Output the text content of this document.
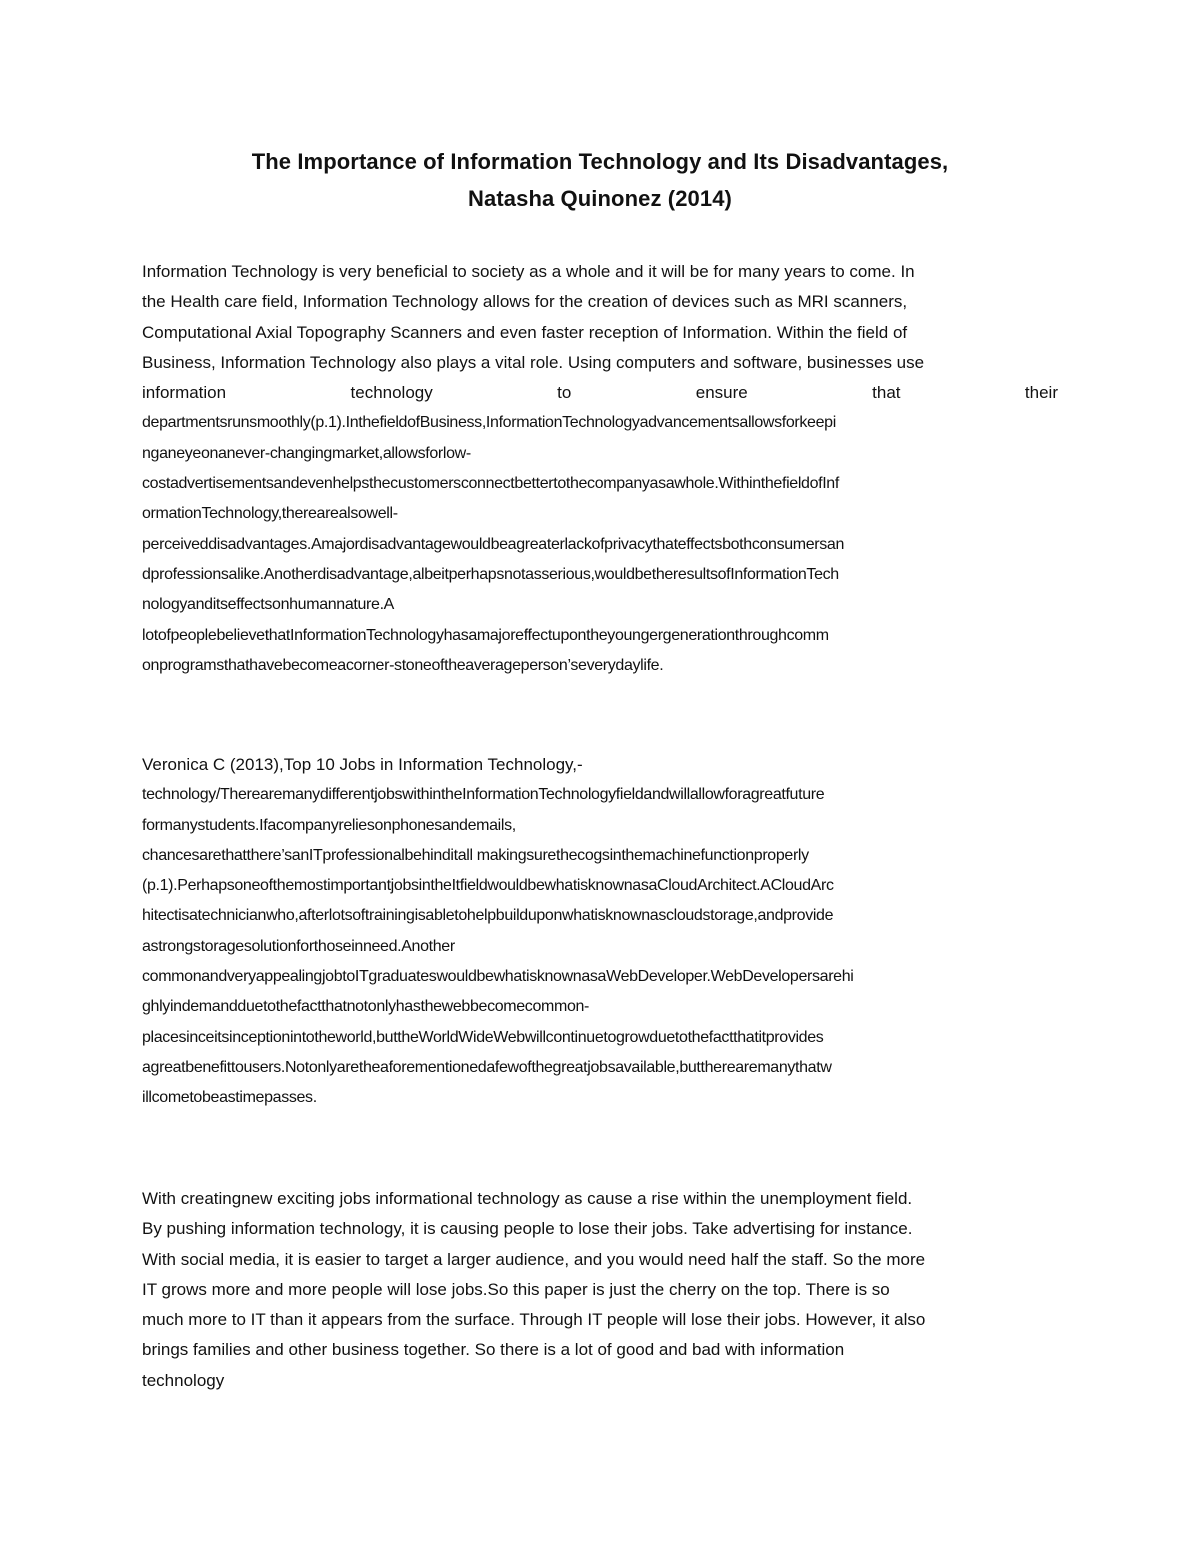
The Importance of Information Technology and Its Disadvantages,
Natasha Quinonez (2014)
Information Technology is very beneficial to society as a whole and it will be for many years to come. In
the Health care field, Information Technology allows for the creation of devices such as MRI scanners,
Computational Axial Topography Scanners and even faster reception of Information. Within the field of
Business, Information Technology also plays a vital role. Using computers and software, businesses use
information	technology	to	ensure	that	their
departmentsrunsmoothly(p.1).InthefieldofBusiness,InformationTechnologyadvancementsallowsforkeepi
nganeyeonanever-changingmarket,allowsforlow-
costadvertisementsandevenhelpsthecustomersconnectbettertothecompanyasawhole.WithinthefieldofInf
ormationTechnology,therearealsowell-
perceiveddisadvantages.Amajordisadvantagewouldbeagreaterlackofprivacythateffectsbothconsumersan
dprofessionsalike.Anotherdisadvantage,albeitperhapsnotasserious,wouldbetheresultsofInformationTech
nologyanditseffectsonhumannature.A
lotofpeoplebelievethatInformationTechnologyhasamajoreffectupontheyoungergenerationthroughcomm
onprogramsthathavebecomeacorner-stoneoftheaverageperson’severydaylife.
Veronica C (2013),Top 10 Jobs in Information Technology,-
technology/TherearemanydifferentjobswithintheInformationTechnologyfieldandwillallowforagreatfuture
formanystudents.Ifacompanyreliesonphonesandemails,
chancesarethatthere’sanITprofessionalbehinditall makingsurethecogsinthemachinefunctionproperly
(p.1).PerhapsoneofthemostimportantjobsintheItfieldwouldbewhatisknownasaCloudArchitect.ACloudArc
hitectisatechnicianwho,afterlotsoftrainingisabletohelpbuilduponwhatisknownascloudstorage,andprovide
astrongstoragesolutionforthoseinneed.Another
commonandveryappealingjobtoITgraduateswouldbewhatisknownasaWebDeveloper.WebDevelopersarehi
ghlyindemandduetothefactthatnotonlyhasthewebbecomecommon-
placesinceitsinceptionintotheworld,buttheWorldWideWebwillcontinuetogrowduetothefactthatitprovides
agreatbenefittousers.Notonlyaretheaforementionedafewofthegreatjobsavailable,buttherearemanythatw
illcometobeastimepasses.
With creatingnew exciting jobs informational technology as cause a rise within the unemployment field.
By pushing information technology, it is causing people to lose their jobs. Take advertising for instance.
With social media, it is easier to target a larger audience, and you would need half the staff. So the more
IT grows more and more people will lose jobs.So this paper is just the cherry on the top. There is so
much more to IT than it appears from the surface. Through IT people will lose their jobs. However, it also
brings families and other business together. So there is a lot of good and bad with information
technology
